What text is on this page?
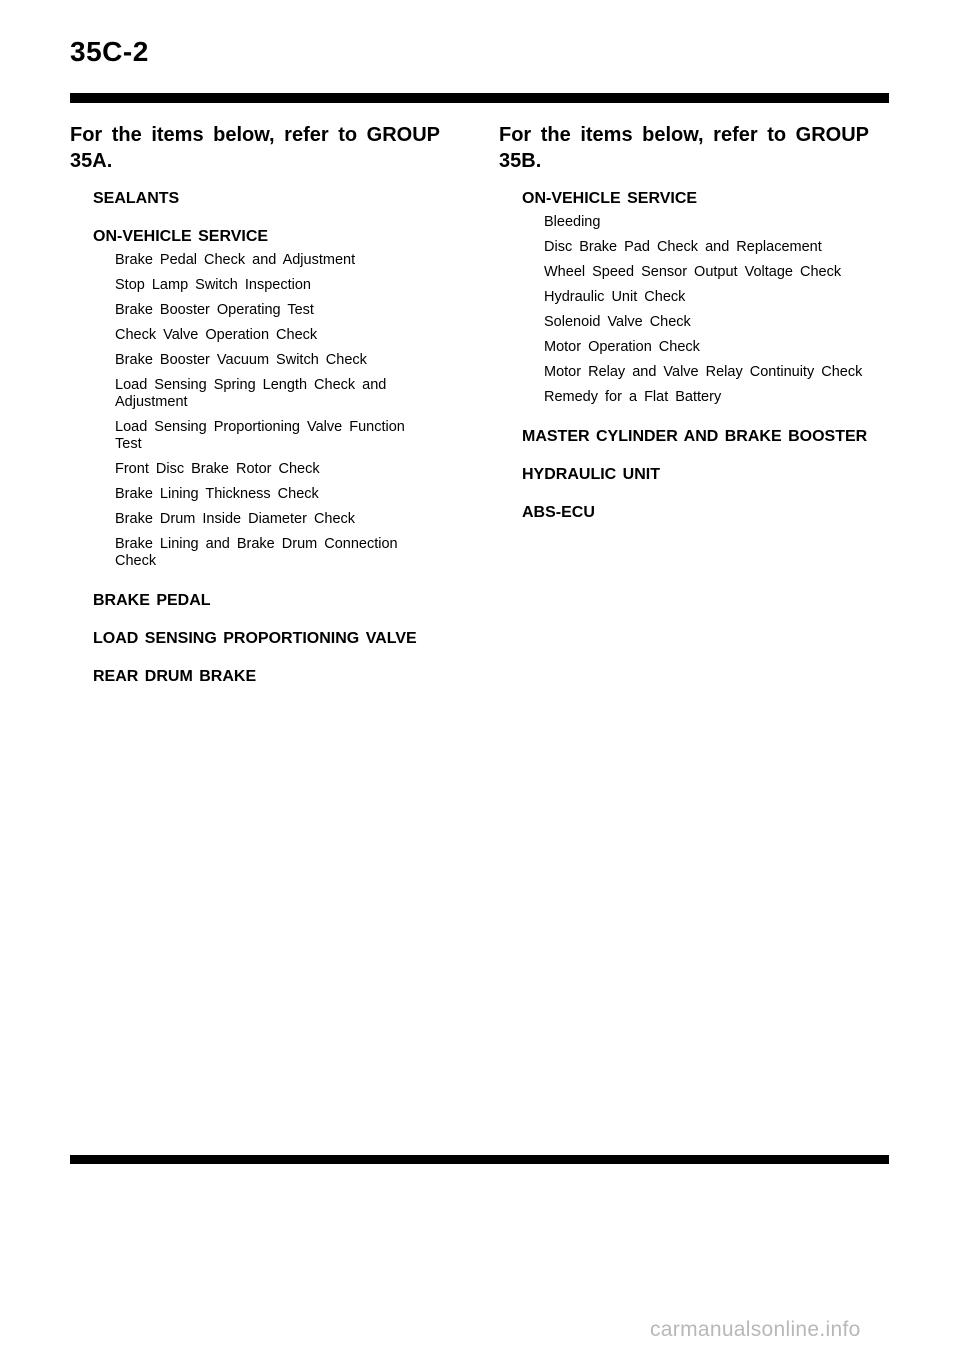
35C-2
For the items below, refer to GROUP 35A.
SEALANTS
ON-VEHICLE SERVICE
Brake Pedal Check and Adjustment
Stop Lamp Switch Inspection
Brake Booster Operating Test
Check Valve Operation Check
Brake Booster Vacuum Switch Check
Load Sensing Spring Length Check and Adjustment
Load Sensing Proportioning Valve Function Test
Front Disc Brake Rotor Check
Brake Lining Thickness Check
Brake Drum Inside Diameter Check
Brake Lining and Brake Drum Connection Check
BRAKE PEDAL
LOAD SENSING PROPORTIONING VALVE
REAR DRUM BRAKE
For the items below, refer to GROUP 35B.
ON-VEHICLE SERVICE
Bleeding
Disc Brake Pad Check and Replacement
Wheel Speed Sensor Output Voltage Check
Hydraulic Unit Check
Solenoid Valve Check
Motor Operation Check
Motor Relay and Valve Relay Continuity Check
Remedy for a Flat Battery
MASTER CYLINDER AND BRAKE BOOSTER
HYDRAULIC UNIT
ABS-ECU
carmanualsonline.info
